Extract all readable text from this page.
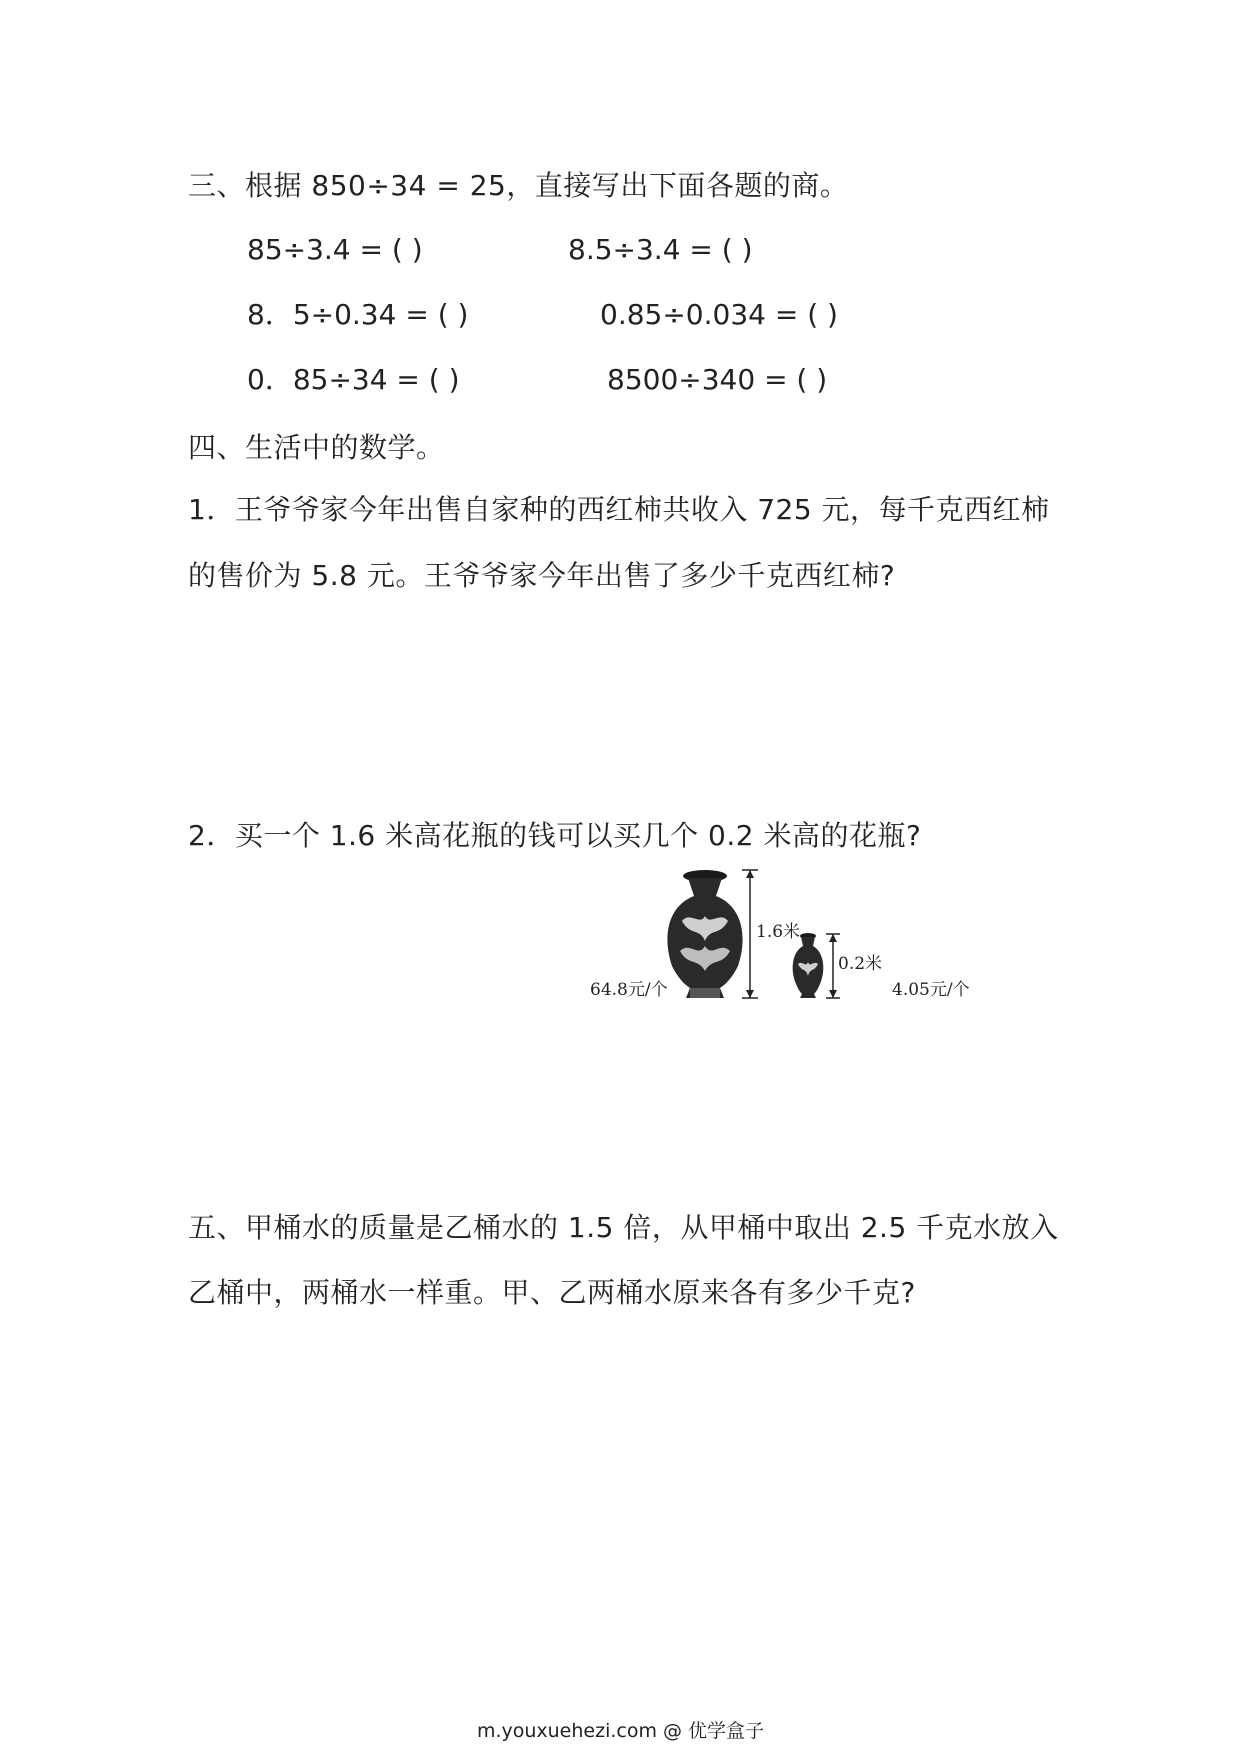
三、根据 850÷34 = 25，直接写出下面各题的商。
85÷3.4 = ( )	8.5÷3.4 = ( )
8．5÷0.34 = ( )	0.85÷0.034 = ( )
0．85÷34 = ( )	8500÷340 = ( )
四、生活中的数学。
1．王爷爷家今年出售自家种的西红柿共收入 725 元，每千克西红柿
的售价为 5.8 元。王爷爷家今年出售了多少千克西红柿?
2．买一个 1.6 米高花瓶的钱可以买几个 0.2 米高的花瓶?
1.6米
0.2米
64.8元/个	4.05元/个
五、甲桶水的质量是乙桶水的 1.5 倍，从甲桶中取出 2.5 千克水放入
乙桶中，两桶水一样重。甲、乙两桶水原来各有多少千克?
m.youxuehezi.com @ 优学盒子
